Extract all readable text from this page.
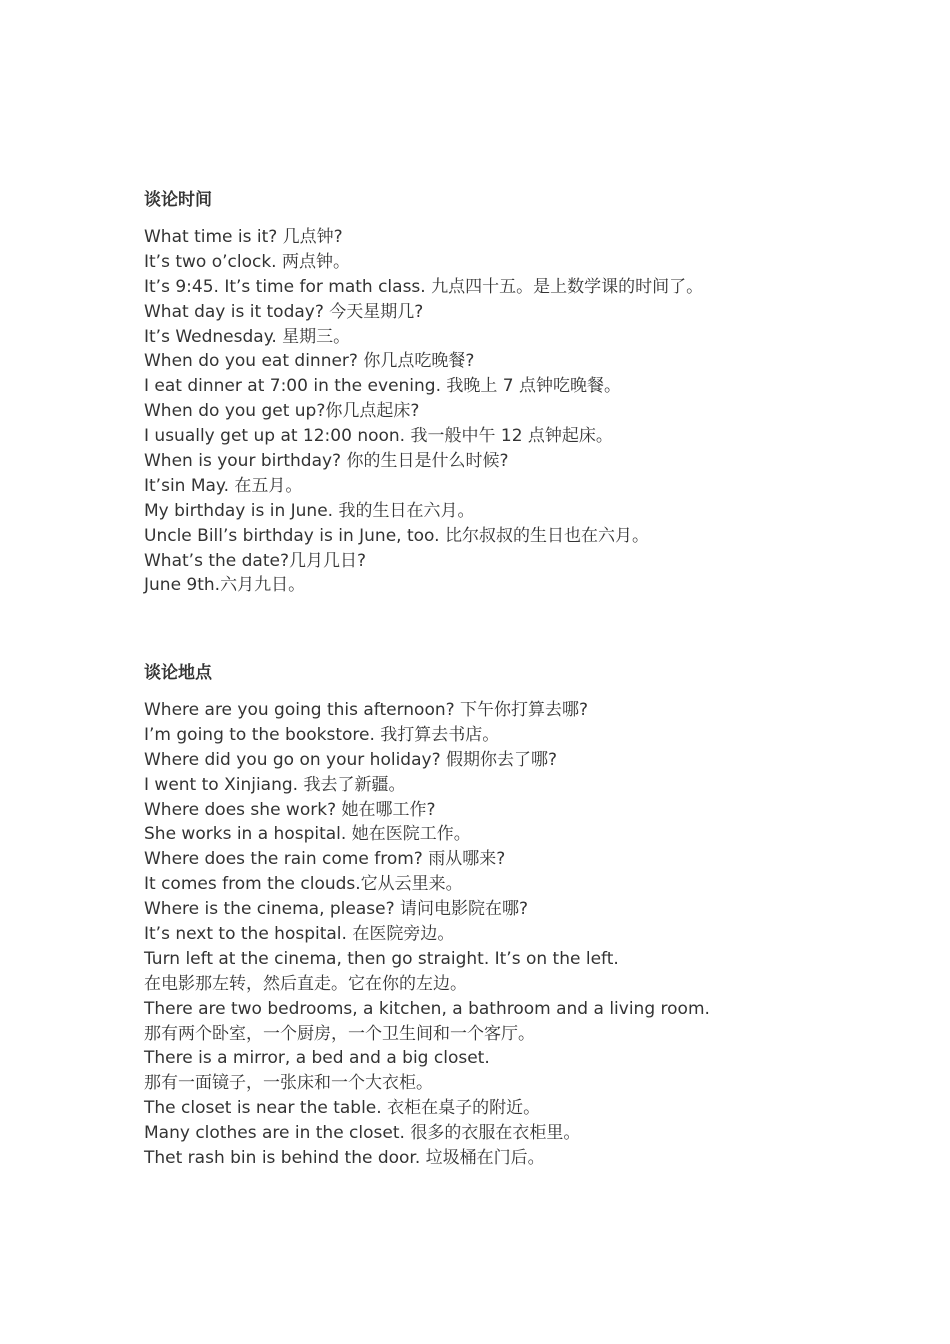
谈论时间
What time is it? 几点钟?
It’s two o’clock. 两点钟。
It’s 9:45. It’s time for math class. 九点四十五。是上数学课的时间了。
What day is it today? 今天星期几?
It’s Wednesday. 星期三。
When do you eat dinner? 你几点吃晚餐?
I eat dinner at 7:00 in the evening. 我晚上 7 点钟吃晚餐。
When do you get up?你几点起床?
I usually get up at 12:00 noon. 我一般中午 12 点钟起床。
When is your birthday? 你的生日是什么时候?
It’sin May. 在五月。
My birthday is in June. 我的生日在六月。
Uncle Bill’s birthday is in June, too. 比尔叔叔的生日也在六月。
What’s the date?几月几日?
June 9th.六月九日。
谈论地点
Where are you going this afternoon? 下午你打算去哪?
I’m going to the bookstore. 我打算去书店。
Where did you go on your holiday? 假期你去了哪?
I went to Xinjiang. 我去了新疆。
Where does she work? 她在哪工作?
She works in a hospital. 她在医院工作。
Where does the rain come from? 雨从哪来?
It comes from the clouds.它从云里来。
Where is the cinema, please? 请问电影院在哪?
It’s next to the hospital. 在医院旁边。
Turn left at the cinema, then go straight. It’s on the left.
在电影那左转，然后直走。它在你的左边。
There are two bedrooms, a kitchen, a bathroom and a living room.
那有两个卧室，一个厨房，一个卫生间和一个客厅。
There is a mirror, a bed and a big closet.
那有一面镜子，一张床和一个大衣柜。
The closet is near the table. 衣柜在桌子的附近。
Many clothes are in the closet. 很多的衣服在衣柜里。
Thet rash bin is behind the door. 垃圾桶在门后。
